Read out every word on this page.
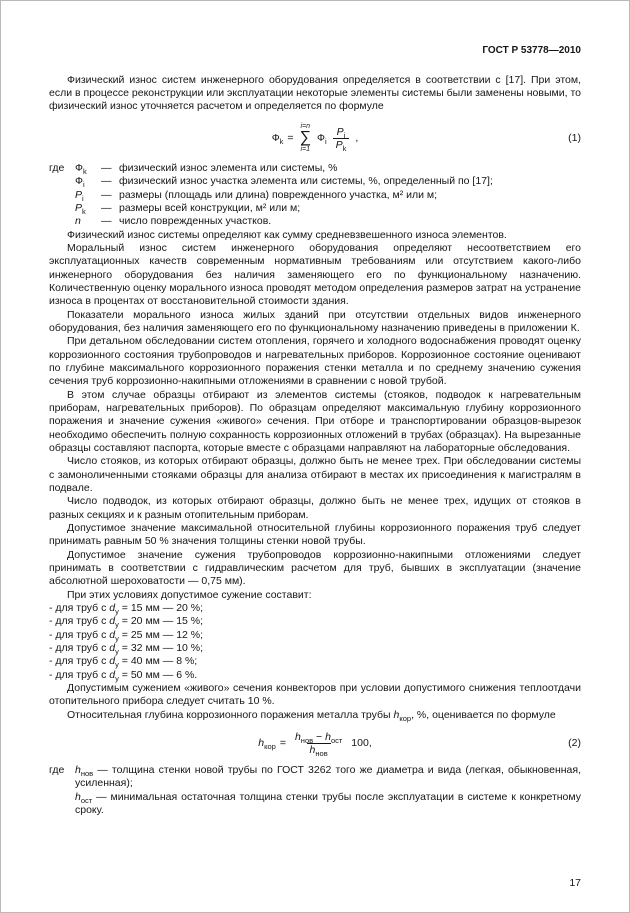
ГОСТ Р 53778—2010

Физический износ систем инженерного оборудования определяется в соответствии с [17]. При этом, если в процессе реконструкции или эксплуатации некоторые элементы системы были заменены новыми, то физический износ уточняется расчетом и определяется по формуле

$Ф_k$ =
i=n
∑
i=1
$Ф_i \frac{P_i}{P_k}$ ,	(1)
где	$Ф_k$	— физический износ элемента или системы, %
$Ф_i$	— физический износ участка элемента или системы, %, определенный по [17];
$P_i$	— размеры (площадь или длина) поврежденного участка, м² или м;
$P_k$	— размеры всей конструкции, м² или м;
n	— число поврежденных участков.

Физический износ системы определяют как сумму средневзвешенного износа элементов.

Моральный износ систем инженерного оборудования определяют несоответствием его эксплуатационных качеств современным нормативным требованиям или отсутствием какого-либо инженерного оборудования без наличия заменяющего его по функциональному назначению. Количественную оценку морального износа проводят методом определения размеров затрат на устранение износа в процентах от восстановительной стоимости здания.

Показатели морального износа жилых зданий при отсутствии отдельных видов инженерного оборудования, без наличия заменяющего его по функциональному назначению приведены в приложении К.

При детальном обследовании систем отопления, горячего и холодного водоснабжения проводят оценку коррозионного состояния трубопроводов и нагревательных приборов. Коррозионное состояние оценивают по глубине максимального коррозионного поражения стенки металла и по среднему значению сужения сечения труб коррозионно-накипными отложениями в сравнении с новой трубой.

В этом случае образцы отбирают из элементов системы (стояков, подводок к нагревательным приборам, нагревательных приборов). По образцам определяют максимальную глубину коррозионного поражения и значение сужения «живого» сечения. При отборе и транспортировании образцов-вырезок необходимо обеспечить полную сохранность коррозионных отложений в трубах (образцах). На вырезанные образцы составляют паспорта, которые вместе с образцами направляют на лабораторные обследования.

Число стояков, из которых отбирают образцы, должно быть не менее трех. При обследовании системы с замоноличенными стояками образцы для анализа отбирают в местах их присоединения к магистралям в подвале.

Число подводок, из которых отбирают образцы, должно быть не менее трех, идущих от стояков в разных секциях и к разным отопительным приборам.

Допустимое значение максимальной относительной глубины коррозионного поражения труб следует принимать равным 50 % значения толщины стенки новой трубы.

Допустимое значение сужения трубопроводов коррозионно-накипными отложениями следует принимать в соответствии с гидравлическим расчетом для труб, бывших в эксплуатации (значение абсолютной шероховатости — 0,75 мм).

При этих условиях допустимое сужение составит:

- для труб с $d_у = 15$ мм — 20 %;
- для труб с $d_у = 20$ мм — 15 %;
- для труб с $d_у = 25$ мм — 12 %;
- для труб с $d_у = 32$ мм — 10 %;
- для труб с $d_у = 40$ мм — 8 %;
- для труб с $d_у = 50$ мм — 6 %.

Допустимым сужением «живого» сечения конвекторов при условии допустимого снижения теплоотдачи отопительного прибора следует считать 10 %.

Относительная глубина коррозионного поражения металла трубы $h_{кор}$, %, оценивается по формуле

$h_{кор} = \frac{h_{нов} - h_{ост}}{h_{нов}} 100$,	(2)
где	$h_{нов}$ — толщина стенки новой трубы по ГОСТ 3262 того же диаметра и вида (легкая, обыкновенная, усиленная);
$h_{ост}$ — минимальная остаточная толщина стенки трубы после эксплуатации в системе к конкретному сроку.
17
